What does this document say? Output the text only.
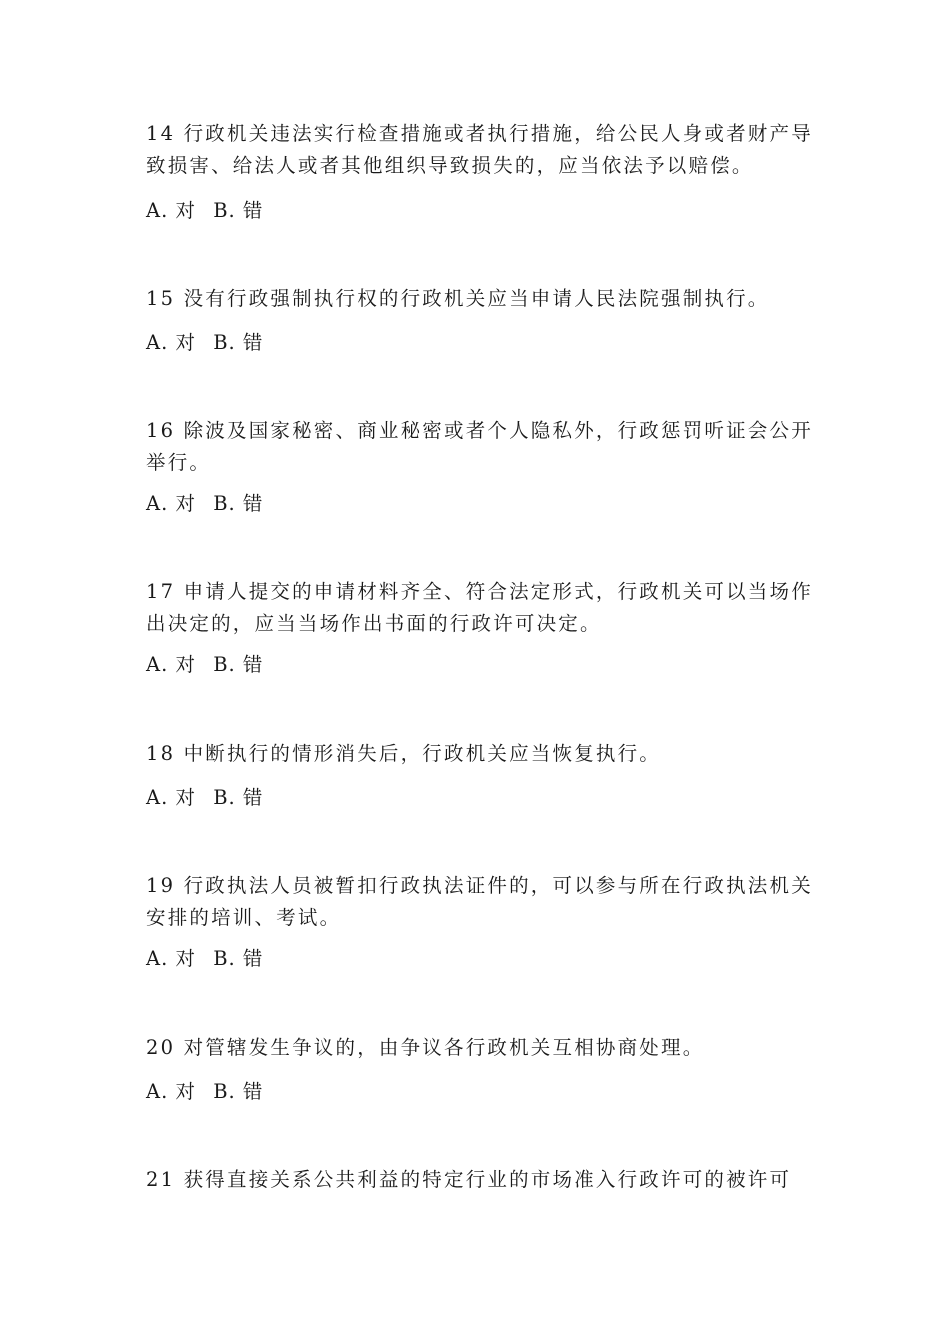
14 行政机关违法实行检查措施或者执行措施，给公民人身或者财产导致损害、给法人或者其他组织导致损失的，应当依法予以赔偿。

A. 对 B. 错

15 没有行政强制执行权的行政机关应当申请人民法院强制执行。

A. 对 B. 错

16 除波及国家秘密、商业秘密或者个人隐私外，行政惩罚听证会公开举行。

A. 对 B. 错

17 申请人提交的申请材料齐全、符合法定形式，行政机关可以当场作出决定的，应当当场作出书面的行政许可决定。

A. 对 B. 错

18 中断执行的情形消失后，行政机关应当恢复执行。

A. 对 B. 错

19 行政执法人员被暂扣行政执法证件的，可以参与所在行政执法机关安排的培训、考试。

A. 对 B. 错

20 对管辖发生争议的，由争议各行政机关互相协商处理。

A. 对 B. 错

21 获得直接关系公共利益的特定行业的市场准入行政许可的被许可
